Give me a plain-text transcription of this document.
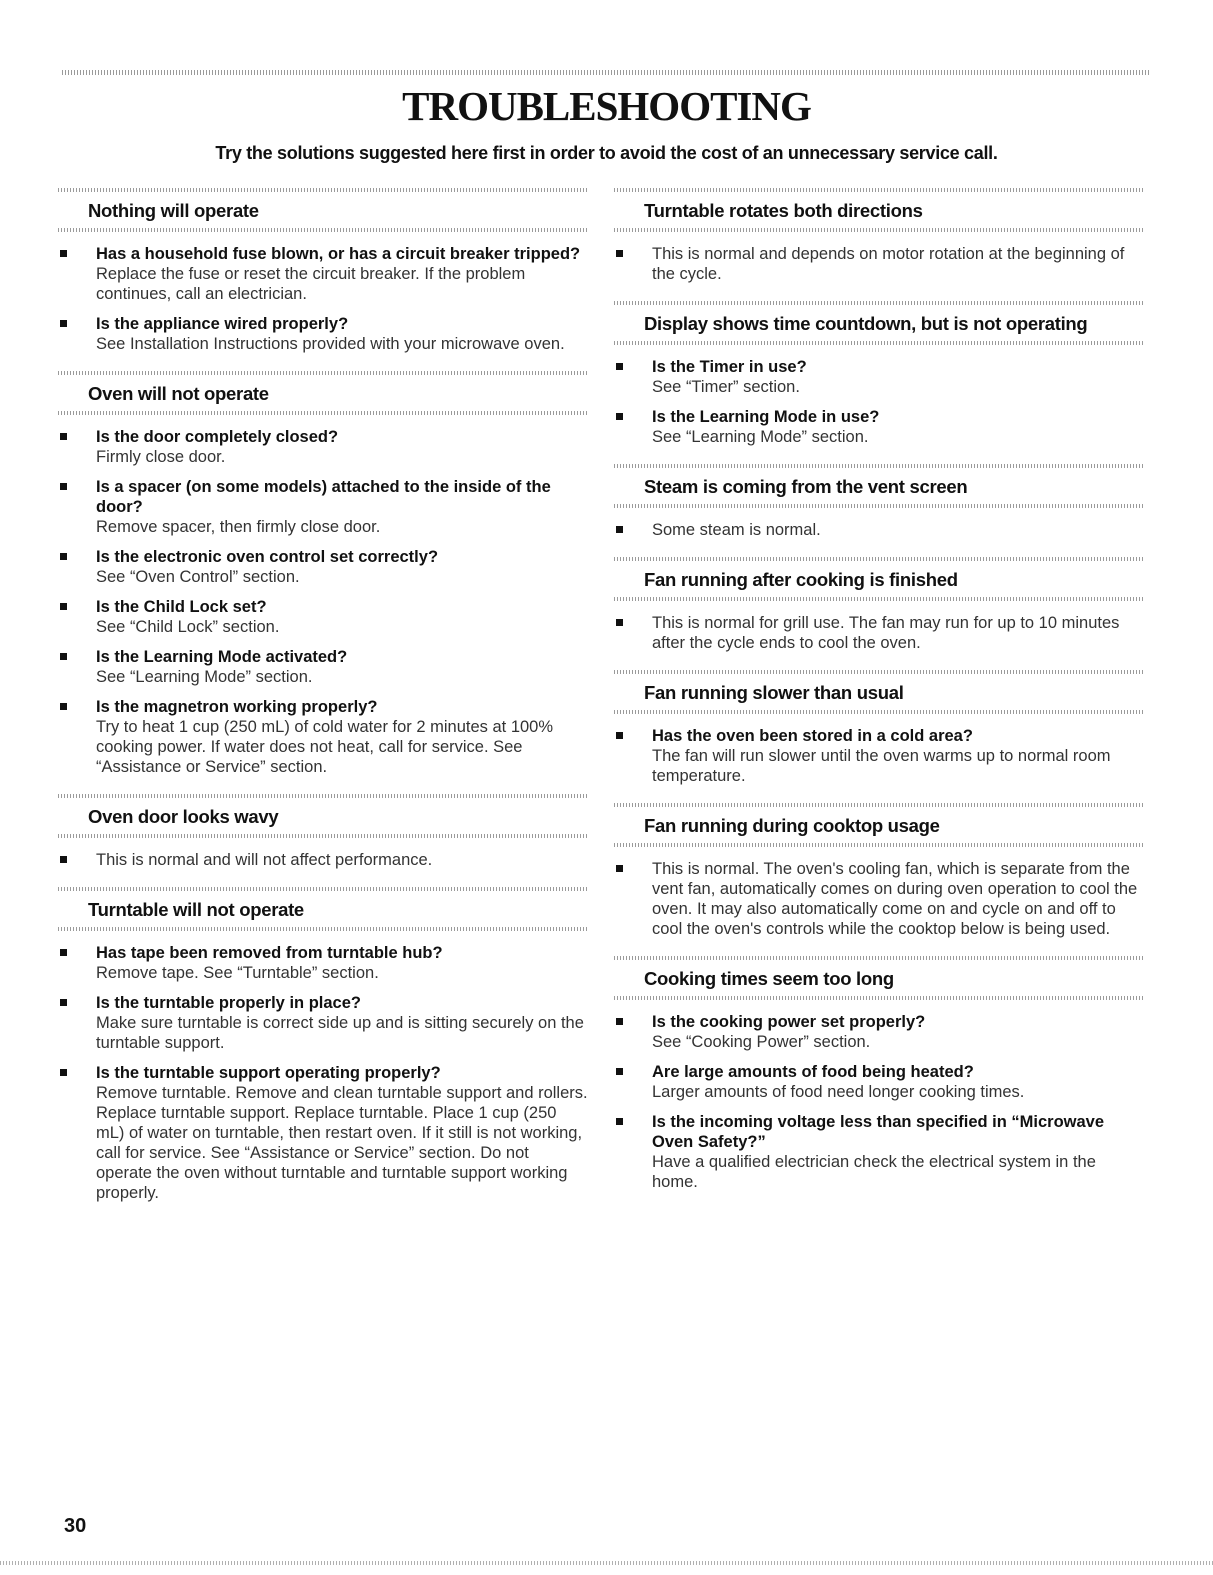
TROUBLESHOOTING
Try the solutions suggested here first in order to avoid the cost of an unnecessary service call.
Nothing will operate
Has a household fuse blown, or has a circuit breaker tripped?
Replace the fuse or reset the circuit breaker. If the problem continues, call an electrician.
Is the appliance wired properly?
See Installation Instructions provided with your microwave oven.
Oven will not operate
Is the door completely closed?
Firmly close door.
Is a spacer (on some models) attached to the inside of the door?
Remove spacer, then firmly close door.
Is the electronic oven control set correctly?
See “Oven Control” section.
Is the Child Lock set?
See “Child Lock” section.
Is the Learning Mode activated?
See “Learning Mode” section.
Is the magnetron working properly?
Try to heat 1 cup (250 mL) of cold water for 2 minutes at 100% cooking power. If water does not heat, call for service. See “Assistance or Service” section.
Oven door looks wavy
This is normal and will not affect performance.
Turntable will not operate
Has tape been removed from turntable hub?
Remove tape. See “Turntable” section.
Is the turntable properly in place?
Make sure turntable is correct side up and is sitting securely on the turntable support.
Is the turntable support operating properly?
Remove turntable. Remove and clean turntable support and rollers. Replace turntable support. Replace turntable. Place 1 cup (250 mL) of water on turntable, then restart oven. If it still is not working, call for service. See “Assistance or Service” section. Do not operate the oven without turntable and turntable support working properly.
Turntable rotates both directions
This is normal and depends on motor rotation at the beginning of the cycle.
Display shows time countdown, but is not operating
Is the Timer in use?
See “Timer” section.
Is the Learning Mode in use?
See “Learning Mode” section.
Steam is coming from the vent screen
Some steam is normal.
Fan running after cooking is finished
This is normal for grill use. The fan may run for up to 10 minutes after the cycle ends to cool the oven.
Fan running slower than usual
Has the oven been stored in a cold area?
The fan will run slower until the oven warms up to normal room temperature.
Fan running during cooktop usage
This is normal. The oven's cooling fan, which is separate from the vent fan, automatically comes on during oven operation to cool the oven. It may also automatically come on and cycle on and off to cool the oven's controls while the cooktop below is being used.
Cooking times seem too long
Is the cooking power set properly?
See “Cooking Power” section.
Are large amounts of food being heated?
Larger amounts of food need longer cooking times.
Is the incoming voltage less than specified in “Microwave Oven Safety?”
Have a qualified electrician check the electrical system in the home.
30
